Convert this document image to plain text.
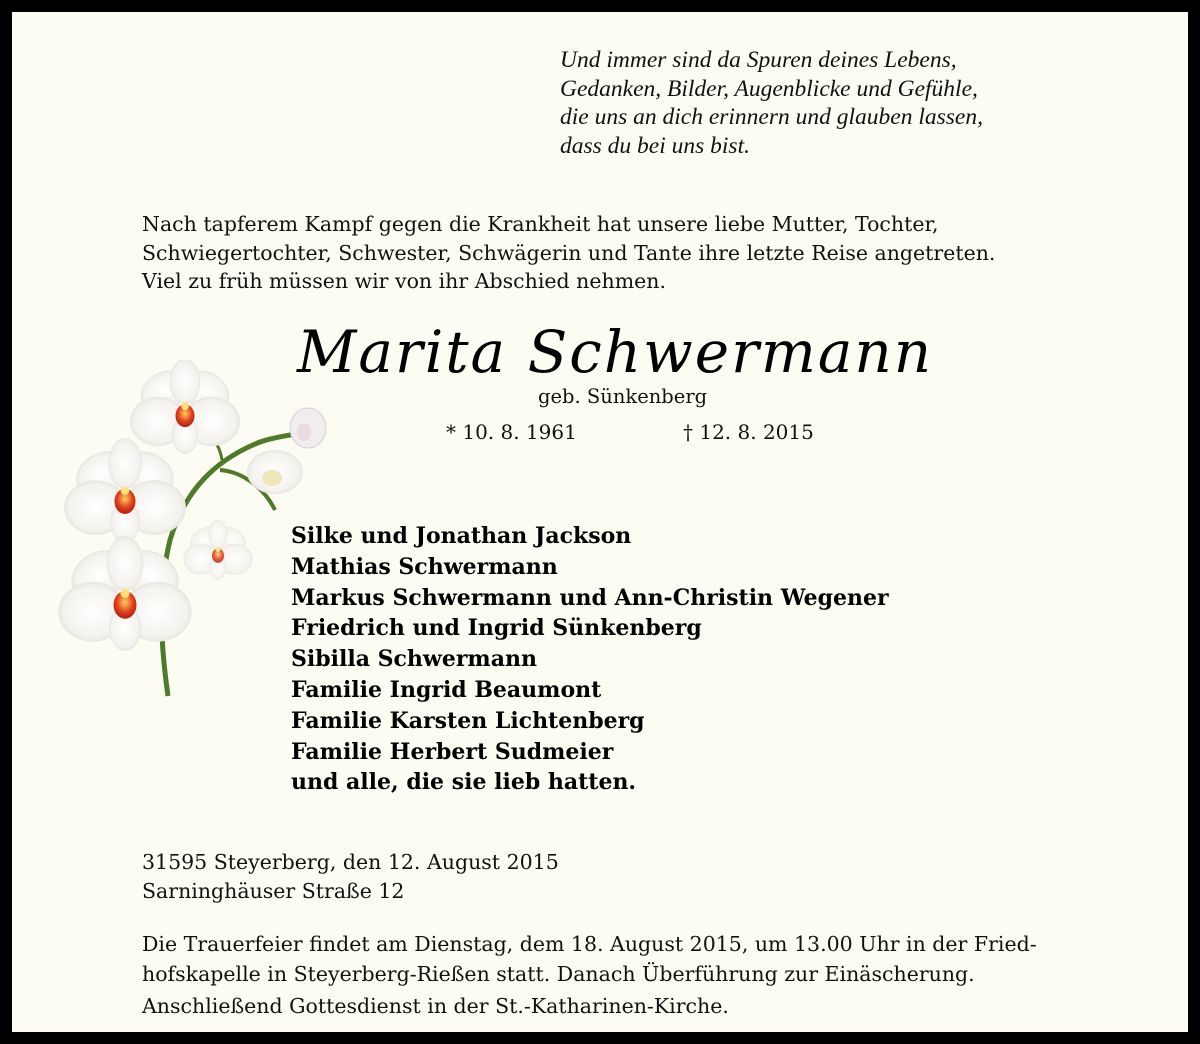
Und immer sind da Spuren deines Lebens,
Gedanken, Bilder, Augenblicke und Gefühle,
die uns an dich erinnern und glauben lassen,
dass du bei uns bist.
Nach tapferem Kampf gegen die Krankheit hat unsere liebe Mutter, Tochter,
Schwiegertochter, Schwester, Schwägerin und Tante ihre letzte Reise angetreten.
Viel zu früh müssen wir von ihr Abschied nehmen.
Marita Schwermann
geb. Sünkenberg
* 10. 8. 1961	† 12. 8. 2015
Silke und Jonathan Jackson
Mathias Schwermann
Markus Schwermann und Ann-Christin Wegener
Friedrich und Ingrid Sünkenberg
Sibilla Schwermann
Familie Ingrid Beaumont
Familie Karsten Lichtenberg
Familie Herbert Sudmeier
und alle, die sie lieb hatten.
31595 Steyerberg, den 12. August 2015
Sarninghäuser Straße 12
Die Trauerfeier findet am Dienstag, dem 18. August 2015, um 13.00 Uhr in der Fried-
hofskapelle in Steyerberg-Rießen statt. Danach Überführung zur Einäscherung.
Anschließend Gottesdienst in der St.-Katharinen-Kirche.
